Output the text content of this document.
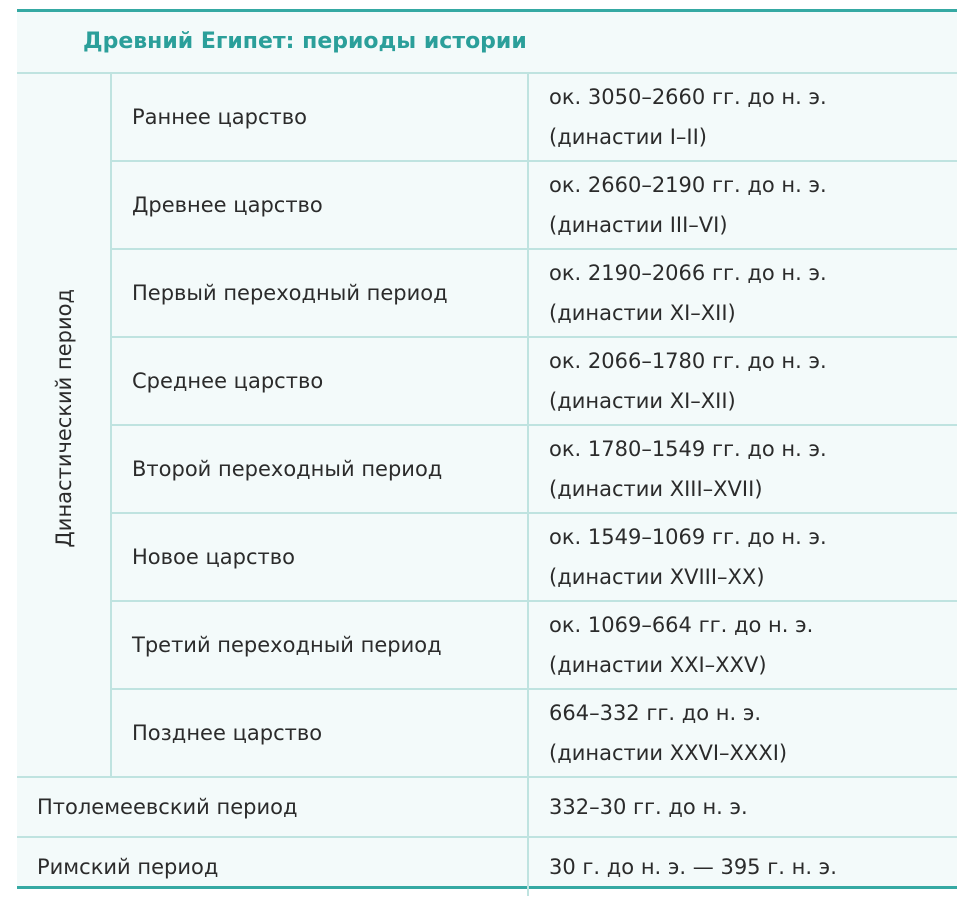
Древний Египет: периоды истории		
Династический период	Раннее царство	ок. 3050–2660 гг. до н. э.
(династии I–II)

	Древнее царство	ок. 2660–2190 гг. до н. э.
(династии III–VI)

	Первый переходный период	ок. 2190–2066 гг. до н. э.
(династии XI–XII)

	Среднее царство	ок. 2066–1780 гг. до н. э.
(династии XI–XII)

	Второй переходный период	ок. 1780–1549 гг. до н. э.
(династии XIII–XVII)

	Новое царство	ок. 1549–1069 гг. до н. э.
(династии XVIII–XX)

	Третий переходный период	ок. 1069–664 гг. до н. э.
(династии XXI–XXV)

	Позднее царство	664–332 гг. до н. э.
(династии XXVI–XXXI)

Птолемеевский период		332–30 гг. до н. э.
Римский период		30 г. до н. э. — 395 г. н. э.
